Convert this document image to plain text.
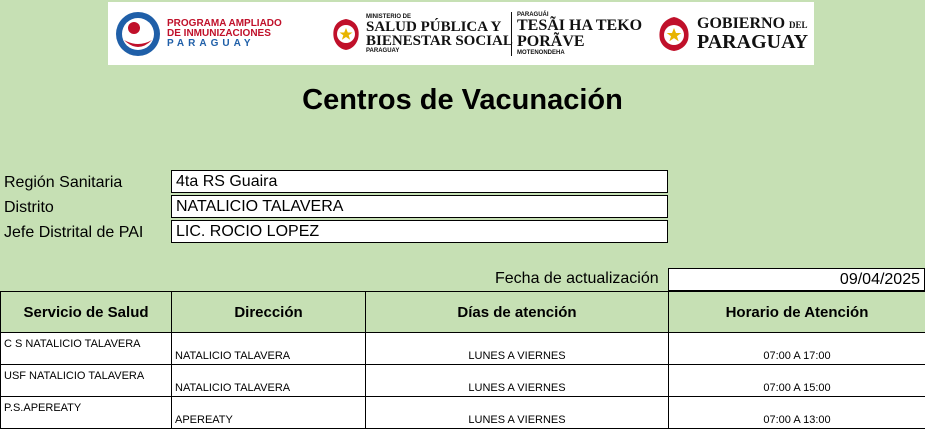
PROGRAMA AMPLIADO
DE INMUNIZACIONES
PARAGUAY
MINISTERIO DE
SALUD PÚBLICA Y
BIENESTAR SOCIAL
PARAGUAY
PARAGUÁI
TESÃI HA TEKO
PORÃVE
MOTENONDEHA
GOBIERNO DEL
PARAGUAY
Centros de Vacunación
Región Sanitaria	4ta RS Guaira
Distrito	NATALICIO TALAVERA
Jefe Distrital de PAI	LIC. ROCIO LOPEZ
Fecha de actualización	09/04/2025
Servicio de Salud	Dirección	Días de atención	Horario de Atención
C S NATALICIO TALAVERA	NATALICIO TALAVERA	LUNES A VIERNES	07:00 A 17:00
USF NATALICIO TALAVERA	NATALICIO TALAVERA	LUNES A VIERNES	07:00 A 15:00
P.S.APEREATY	APEREATY	LUNES A VIERNES	07:00 A 13:00
